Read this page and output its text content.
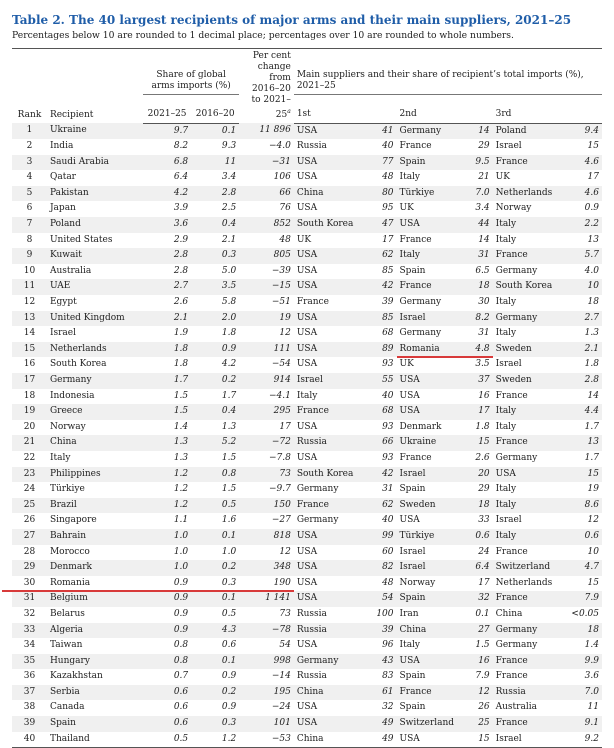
Table 2. The 40 largest recipients of major arms and their main suppliers, 2021–25

Percentages below 10 are rounded to 1 decimal place; percentages over 10 are rounded to whole numbers.

Rank	Recipient	Share of global arms imports (%)		Per cent change from 2016–20 to 2021–25$^a$	Main suppliers and their share of recipient’s total imports (%), 2021–25					
		2021–25	2016–20		1st		2nd		3rd	
1	Ukraine	9.7	0.1	11 896	USA	41	Germany	14	Poland	9.4
2	India	8.2	9.3	−4.0	Russia	40	France	29	Israel	15
3	Saudi Arabia	6.8	11	−31	USA	77	Spain	9.5	France	4.6
4	Qatar	6.4	3.4	106	USA	48	Italy	21	UK	17
5	Pakistan	4.2	2.8	66	China	80	Türkiye	7.0	Netherlands	4.6
6	Japan	3.9	2.5	76	USA	95	UK	3.4	Norway	0.9
7	Poland	3.6	0.4	852	South Korea	47	USA	44	Italy	2.2
8	United States	2.9	2.1	48	UK	17	France	14	Italy	13
9	Kuwait	2.8	0.3	805	USA	62	Italy	31	France	5.7
10	Australia	2.8	5.0	−39	USA	85	Spain	6.5	Germany	4.0
11	UAE	2.7	3.5	−15	USA	42	France	18	South Korea	10
12	Egypt	2.6	5.8	−51	France	39	Germany	30	Italy	18
13	United Kingdom	2.1	2.0	19	USA	85	Israel	8.2	Germany	2.7
14	Israel	1.9	1.8	12	USA	68	Germany	31	Italy	1.3
15	Netherlands	1.8	0.9	111	USA	89	Romania	4.8	Sweden	2.1
16	South Korea	1.8	4.2	−54	USA	93	UK	3.5	Israel	1.8
17	Germany	1.7	0.2	914	Israel	55	USA	37	Sweden	2.8
18	Indonesia	1.5	1.7	−4.1	Italy	40	USA	16	France	14
19	Greece	1.5	0.4	295	France	68	USA	17	Italy	4.4
20	Norway	1.4	1.3	17	USA	93	Denmark	1.8	Italy	1.7
21	China	1.3	5.2	−72	Russia	66	Ukraine	15	France	13
22	Italy	1.3	1.5	−7.8	USA	93	France	2.6	Germany	1.7
23	Philippines	1.2	0.8	73	South Korea	42	Israel	20	USA	15
24	Türkiye	1.2	1.5	−9.7	Germany	31	Spain	29	Italy	19
25	Brazil	1.2	0.5	150	France	62	Sweden	18	Italy	8.6
26	Singapore	1.1	1.6	−27	Germany	40	USA	33	Israel	12
27	Bahrain	1.0	0.1	818	USA	99	Türkiye	0.6	Italy	0.6
28	Morocco	1.0	1.0	12	USA	60	Israel	24	France	10
29	Denmark	1.0	0.2	348	USA	82	Israel	6.4	Switzerland	4.7
30	Romania	0.9	0.3	190	USA	48	Norway	17	Netherlands	15
31	Belgium	0.9	0.1	1 141	USA	54	Spain	32	France	7.9
32	Belarus	0.9	0.5	73	Russia	100	Iran	0.1	China	<0.05
33	Algeria	0.9	4.3	−78	Russia	39	China	27	Germany	18
34	Taiwan	0.8	0.6	54	USA	96	Italy	1.5	Germany	1.4
35	Hungary	0.8	0.1	998	Germany	43	USA	16	France	9.9
36	Kazakhstan	0.7	0.9	−14	Russia	83	Spain	7.9	France	3.6
37	Serbia	0.6	0.2	195	China	61	France	12	Russia	7.0
38	Canada	0.6	0.9	−24	USA	32	Spain	26	Australia	11
39	Spain	0.6	0.3	101	USA	49	Switzerland	25	France	9.1
40	Thailand	0.5	1.2	−53	China	49	USA	15	Israel	9.2
